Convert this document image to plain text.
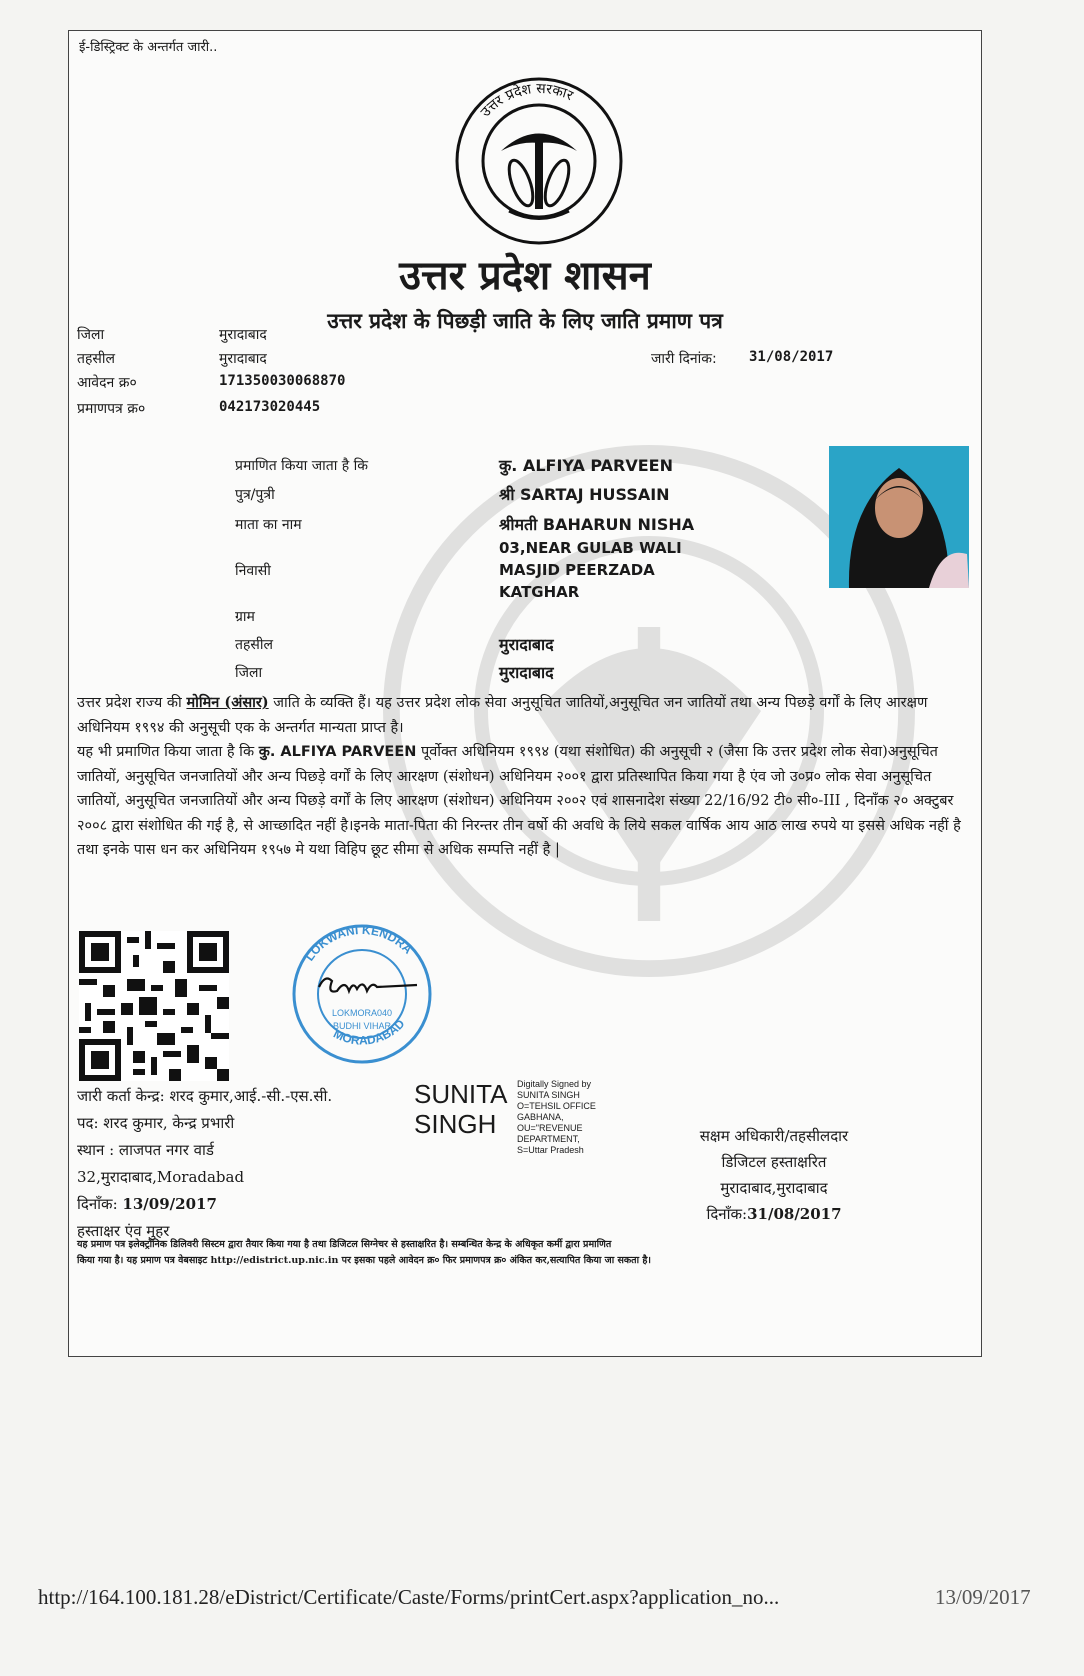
ई-डिस्ट्रिक्ट के अन्तर्गत जारी..
उत्तर प्रदेश सरकार
उत्तर प्रदेश शासन
उत्तर प्रदेश के पिछड़ी जाति के लिए जाति प्रमाण पत्र
जिला	मुरादाबाद
तहसील	मुरादाबाद
आवेदन क्र०	171350030068870
प्रमाणपत्र क्र०	042173020445
जारी दिनांक: 31/08/2017
प्रमाणित किया जाता है कि	कु. ALFIYA PARVEEN
पुत्र/पुत्री	श्री SARTAJ HUSSAIN
माता का नाम	श्रीमती BAHARUN NISHA
निवासी
03,NEAR GULAB WALI
MASJID PEERZADA
KATGHAR
ग्राम
तहसील	मुरादाबाद
जिला	मुरादाबाद
उत्तर प्रदेश राज्य की मोमिन (अंसार) जाति के व्यक्ति हैं। यह उत्तर प्रदेश लोक सेवा अनुसूचित जातियों,अनुसूचित जन जातियों तथा अन्य पिछड़े वर्गों के लिए आरक्षण अधिनियम १९९४ की अनुसूची एक के अन्तर्गत मान्यता प्राप्त है।
यह भी प्रमाणित किया जाता है कि कु. ALFIYA PARVEEN पूर्वोक्त अधिनियम १९९४ (यथा संशोधित) की अनुसूची २ (जैसा कि उत्तर प्रदेश लोक सेवा)अनुसूचित जातियों, अनुसूचित जनजातियों और अन्य पिछड़े वर्गों के लिए आरक्षण (संशोधन) अधिनियम २००१ द्वारा प्रतिस्थापित किया गया है एंव जो उ०प्र० लोक सेवा अनुसूचित जातियों, अनुसूचित जनजातियों और अन्य पिछड़े वर्गों के लिए आरक्षण (संशोधन) अधिनियम २००२ एवं शासनादेश संख्या 22/16/92 टी० सी०-III , दिनाँक २० अक्टुबर २००८ द्वारा संशोधित की गई है, से आच्छादित नहीं है।इनके माता-पिता की निरन्तर तीन वर्षो की अवधि के लिये सकल वार्षिक आय आठ लाख रुपये या इससे अधिक नहीं है तथा इनके पास धन कर अधिनियम १९५७ मे यथा विहिप छूट सीमा से अधिक सम्पत्ति नहीं है |
LOKWANI KENDRA
MORADABAD
LOKMORA040
BUDHI VIHAR
जारी कर्ता केन्द्र: शरद कुमार,आई.-सी.-एस.सी.
पद: शरद कुमार, केन्द्र प्रभारी
स्थान : लाजपत नगर वार्ड
32,मुरादाबाद,Moradabad
दिनाँक: 13/09/2017
हस्ताक्षर एंव मुहर
SUNITA
SINGH
Digitally Signed by
SUNITA SINGH
O=TEHSIL OFFICE
GABHANA,
OU="REVENUE
DEPARTMENT,
S=Uttar Pradesh
सक्षम अधिकारी/तहसीलदार
डिजिटल हस्ताक्षरित
मुरादाबाद,मुरादाबाद
दिनाँक:31/08/2017
यह प्रमाण पत्र इलेक्ट्रॉनिक डिलिवरी सिस्टम द्वारा तैयार किया गया है तथा डिजिटल सिग्नेचर से हस्ताक्षरित है। सम्बन्धित केन्द्र के अधिकृत कर्मी द्वारा प्रमाणित
किया गया है। यह प्रमाण पत्र वेबसाइट http://edistrict.up.nic.in पर इसका पहले आवेदन क्र० फिर प्रमाणपत्र क्र० अंकित कर,सत्यापित किया जा सकता है।
http://164.100.181.28/eDistrict/Certificate/Caste/Forms/printCert.aspx?application_no...	13/09/2017
